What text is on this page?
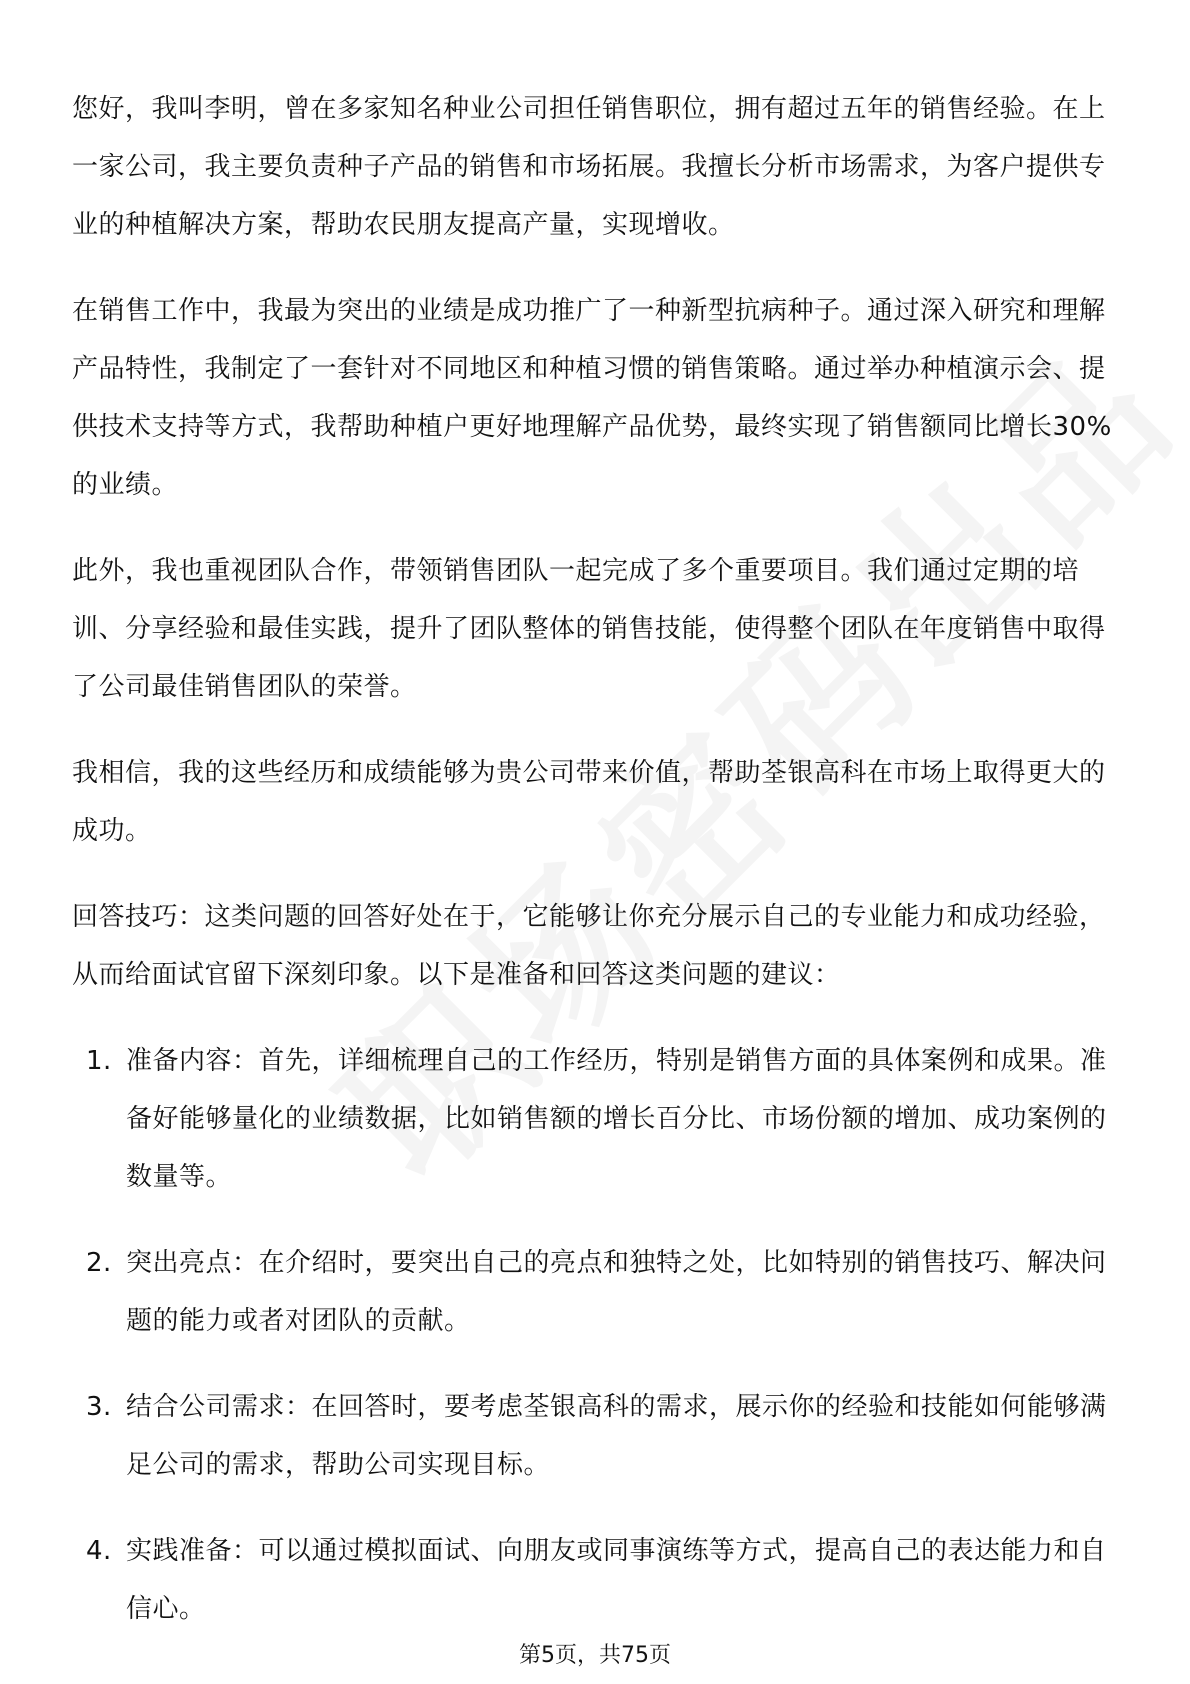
您好，我叫李明，曾在多家知名种业公司担任销售职位，拥有超过五年的销售经验。在上一家公司，我主要负责种子产品的销售和市场拓展。我擅长分析市场需求，为客户提供专业的种植解决方案，帮助农民朋友提高产量，实现增收。

在销售工作中，我最为突出的业绩是成功推广了一种新型抗病种子。通过深入研究和理解产品特性，我制定了一套针对不同地区和种植习惯的销售策略。通过举办种植演示会、提供技术支持等方式，我帮助种植户更好地理解产品优势，最终实现了销售额同比增长30%的业绩。

此外，我也重视团队合作，带领销售团队一起完成了多个重要项目。我们通过定期的培训、分享经验和最佳实践，提升了团队整体的销售技能，使得整个团队在年度销售中取得了公司最佳销售团队的荣誉。

我相信，我的这些经历和成绩能够为贵公司带来价值，帮助荃银高科在市场上取得更大的成功。

回答技巧：这类问题的回答好处在于，它能够让你充分展示自己的专业能力和成功经验，从而给面试官留下深刻印象。以下是准备和回答这类问题的建议：

1. 准备内容：首先，详细梳理自己的工作经历，特别是销售方面的具体案例和成果。准备好能够量化的业绩数据，比如销售额的增长百分比、市场份额的增加、成功案例的数量等。
2. 突出亮点：在介绍时，要突出自己的亮点和独特之处，比如特别的销售技巧、解决问题的能力或者对团队的贡献。
3. 结合公司需求：在回答时，要考虑荃银高科的需求，展示你的经验和技能如何能够满足公司的需求，帮助公司实现目标。
4. 实践准备：可以通过模拟面试、向朋友或同事演练等方式，提高自己的表达能力和自信心。
第5页，共75页
